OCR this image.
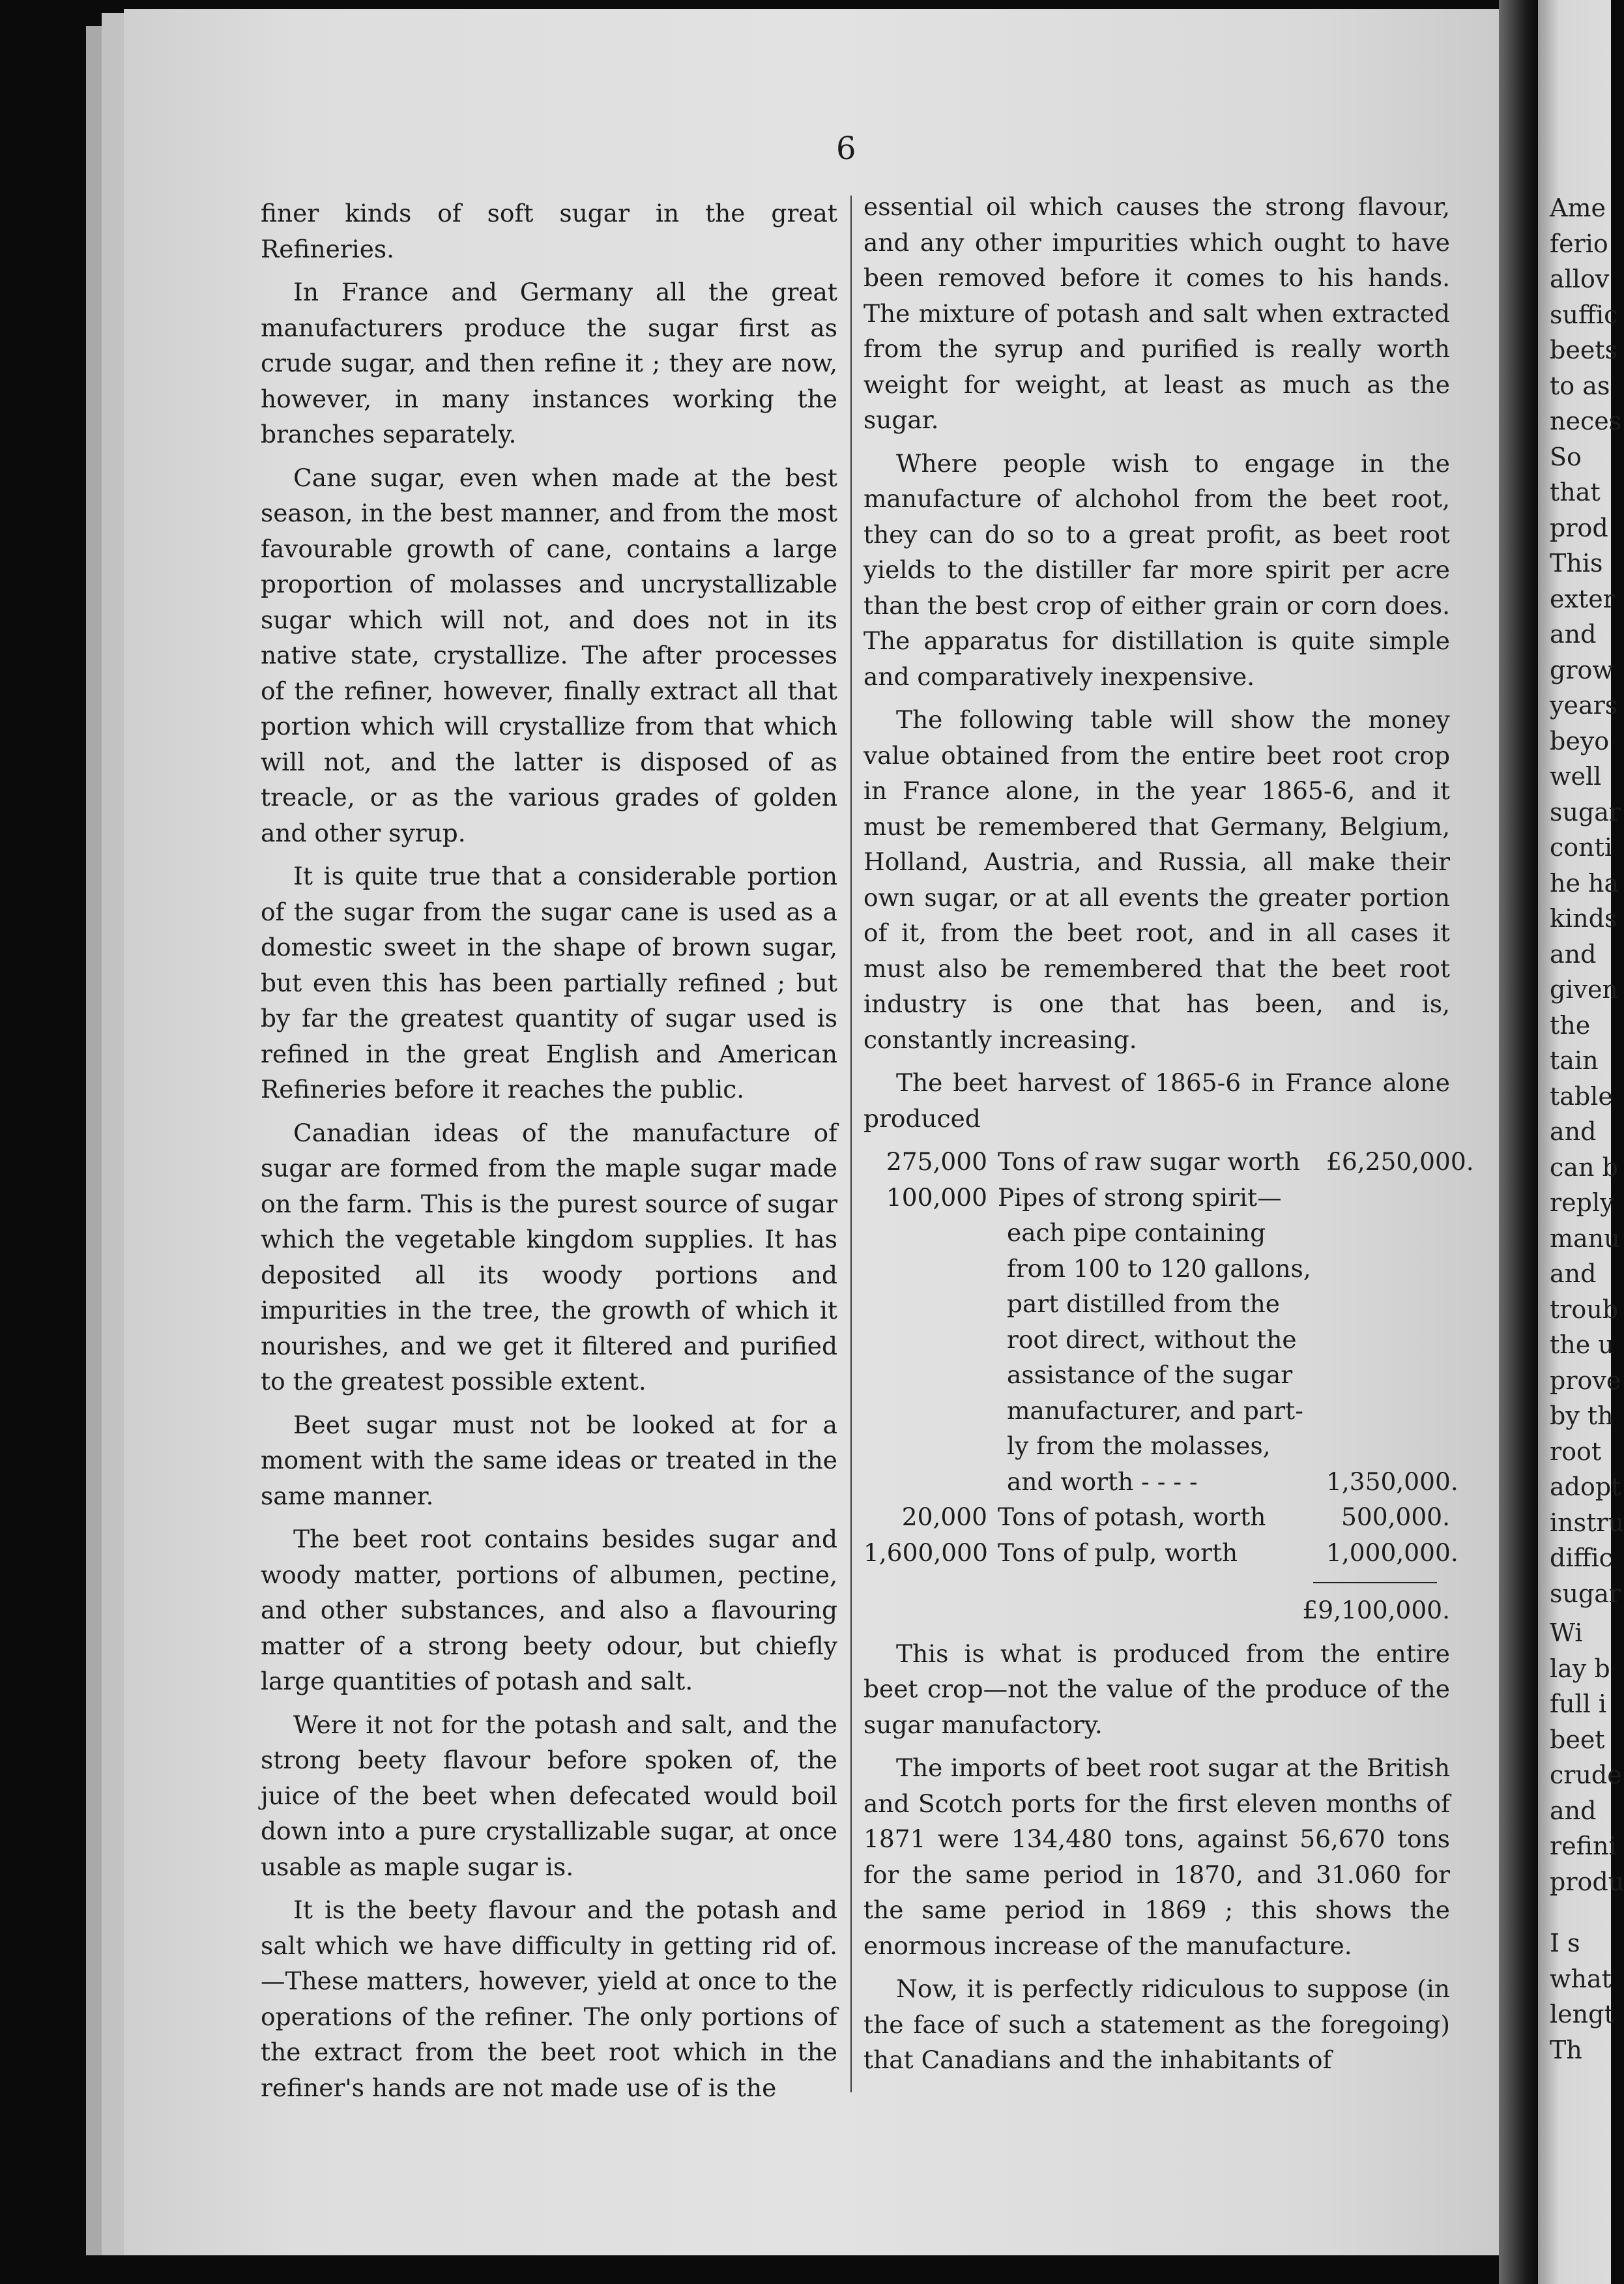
6

finer kinds of soft sugar in the great Refineries.

In France and Germany all the great manufacturers produce the sugar first as crude sugar, and then refine it ; they are now, however, in many instances working the branches separately.

Cane sugar, even when made at the best season, in the best manner, and from the most favourable growth of cane, contains a large proportion of molasses and uncrystallizable sugar which will not, and does not in its native state, crystallize. The after processes of the refiner, however, finally extract all that portion which will crystallize from that which will not, and the latter is disposed of as treacle, or as the various grades of golden and other syrup.

It is quite true that a considerable portion of the sugar from the sugar cane is used as a domestic sweet in the shape of brown sugar, but even this has been partially refined ; but by far the greatest quantity of sugar used is refined in the great English and American Refineries before it reaches the public.

Canadian ideas of the manufacture of sugar are formed from the maple sugar made on the farm. This is the purest source of sugar which the vegetable kingdom supplies. It has deposited all its woody portions and impurities in the tree, the growth of which it nourishes, and we get it filtered and purified to the greatest possible extent.

Beet sugar must not be looked at for a moment with the same ideas or treated in the same manner.

The beet root contains besides sugar and woody matter, portions of albumen, pectine, and other substances, and also a flavouring matter of a strong beety odour, but chiefly large quantities of potash and salt.

Were it not for the potash and salt, and the strong beety flavour before spoken of, the juice of the beet when defecated would boil down into a pure crystallizable sugar, at once usable as maple sugar is.

It is the beety flavour and the potash and salt which we have difficulty in getting rid of. —These matters, however, yield at once to the operations of the refiner. The only portions of the extract from the beet root which in the refiner's hands are not made use of is the

essential oil which causes the strong flavour, and any other impurities which ought to have been removed before it comes to his hands. The mixture of potash and salt when extracted from the syrup and purified is really worth weight for weight, at least as much as the sugar.

Where people wish to engage in the manufacture of alchohol from the beet root, they can do so to a great profit, as beet root yields to the distiller far more spirit per acre than the best crop of either grain or corn does. The apparatus for distillation is quite simple and comparatively inexpensive.

The following table will show the money value obtained from the entire beet root crop in France alone, in the year 1865-6, and it must be remembered that Germany, Belgium, Holland, Austria, and Russia, all make their own sugar, or at all events the greater portion of it, from the beet root, and in all cases it must also be remembered that the beet root industry is one that has been, and is, constantly increasing.

The beet harvest of 1865-6 in France alone produced

275,000 Tons of raw sugar worth	£6,250,000.
100,000 Pipes of strong spirit—
each pipe containing
from 100 to 120 gallons,
part distilled from the
root direct, without the
assistance of the sugar
manufacturer, and part-
ly from the molasses,
and worth - - - -	1,350,000.
20,000 Tons of potash, worth	500,000.
1,600,000 Tons of pulp, worth	1,000,000.
£9,100,000.

This is what is produced from the entire beet crop—not the value of the produce of the sugar manufactory.

The imports of beet root sugar at the British and Scotch ports for the first eleven months of 1871 were 134,480 tons, against 56,670 tons for the same period in 1870, and 31.060 for the same period in 1869 ; this shows the enormous increase of the manufacture.

Now, it is perfectly ridiculous to suppose (in the face of such a statement as the foregoing) that Canadians and the inhabitants of

Ame
ferio
allov
suffic
beets
to as
neces
So
that
prod
This
exter
and
grow
years
beyo
well
sugar
conti
he ha
kinds
and
given
the
tain
table
and
can b
reply
manu
and
troub
the u
prove
by th
root
adopt
instru
diffic
sugar
Wi
lay b
full i
beet
crude
and
refini
produ
I s
what
lengt
Th
